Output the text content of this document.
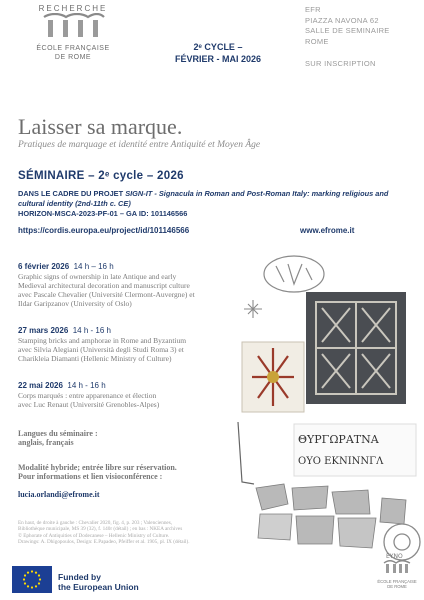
RECHERCHE
ÉCOLE FRANÇAISE
DE ROME
2ᵉ CYCLE –
FÉVRIER - MAI 2026
EFR
PIAZZA NAVONA 62
SALLE DE SEMINAIRE
ROME
SUR INSCRIPTION
Laisser sa marque.
Pratiques de marquage et identité entre Antiquité et Moyen Âge
SÉMINAIRE – 2ᵉ cycle – 2026
DANS LE CADRE DU PROJET SIGN-IT - Signacula in Roman and Post-Roman Italy: marking religious and cultural identity (2nd-11th c. CE)
HORIZON-MSCA-2023-PF-01 – GA ID: 101146566
https://cordis.europa.eu/project/id/101146566	www.efrome.it
6 février 2026 14 h – 16 h
Graphic signs of ownership in late Antique and early
Medieval architectural decoration and manuscript culture
avec Pascale Chevalier (Université Clermont-Auvergne) et
Ildar Garipzanov (University of Oslo)
27 mars 2026 14 h - 16 h
Stamping bricks and amphorae in Rome and Byzantium
avec Silvia Alegiani (Università degli Studi Roma 3) et
Charikleia Diamanti (Hellenic Ministry of Culture)
22 mai 2026 14 h - 16 h
Corps marqués : entre apparenance et élection
avec Luc Renaut (Université Grenobles-Alpes)
Langues du séminaire :
anglais, français
Modalité hybride; entrée libre sur réservation.
Pour informations et lien visioconférence :
lucia.orlandi@efrome.it
En haut, de droite à gauche : Chevalier 2020, fig. 4, p. 203 ; Valenciennes,
Bibliothèque municipale, MS 39 (32), f. 140r (détail) ; en bas : NKEA archives
© Ephorate of Antiquities of Dodecanese – Hellenic Ministry of Culture.
Drawings: A. Dhigopoulos, Design: E.Papadeo, Pfeiffer et al. 1905, pl. IX (détail).
Funded by
the European Union
ÉCOLE FRANÇAISE
DE ROME
ΘΥΡΓΩΡΑΤΝΑ
ΟΥΟ ΕΚΝΙΝΝΓΛ
ΕΥΝΟ
